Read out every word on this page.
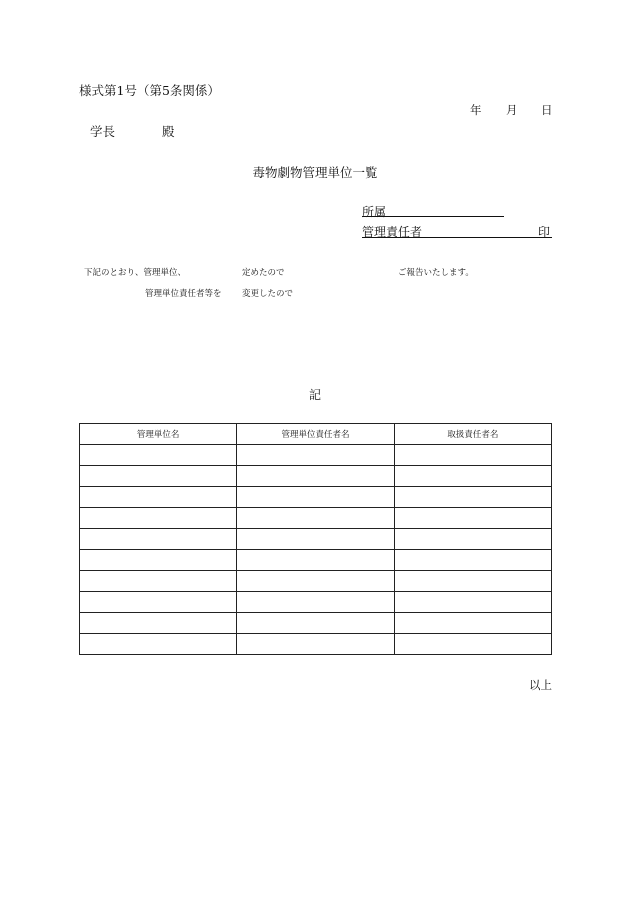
様式第1号（第5条関係）
年 月 日
学長	殿
毒物劇物管理単位一覧
所属
管理責任者	印
下記のとおり、管理単位、	定めたので	ご報告いたします。
管理単位責任者等を 変更したので
記
管理単位名	管理単位責任者名	取扱責任者名

以上
